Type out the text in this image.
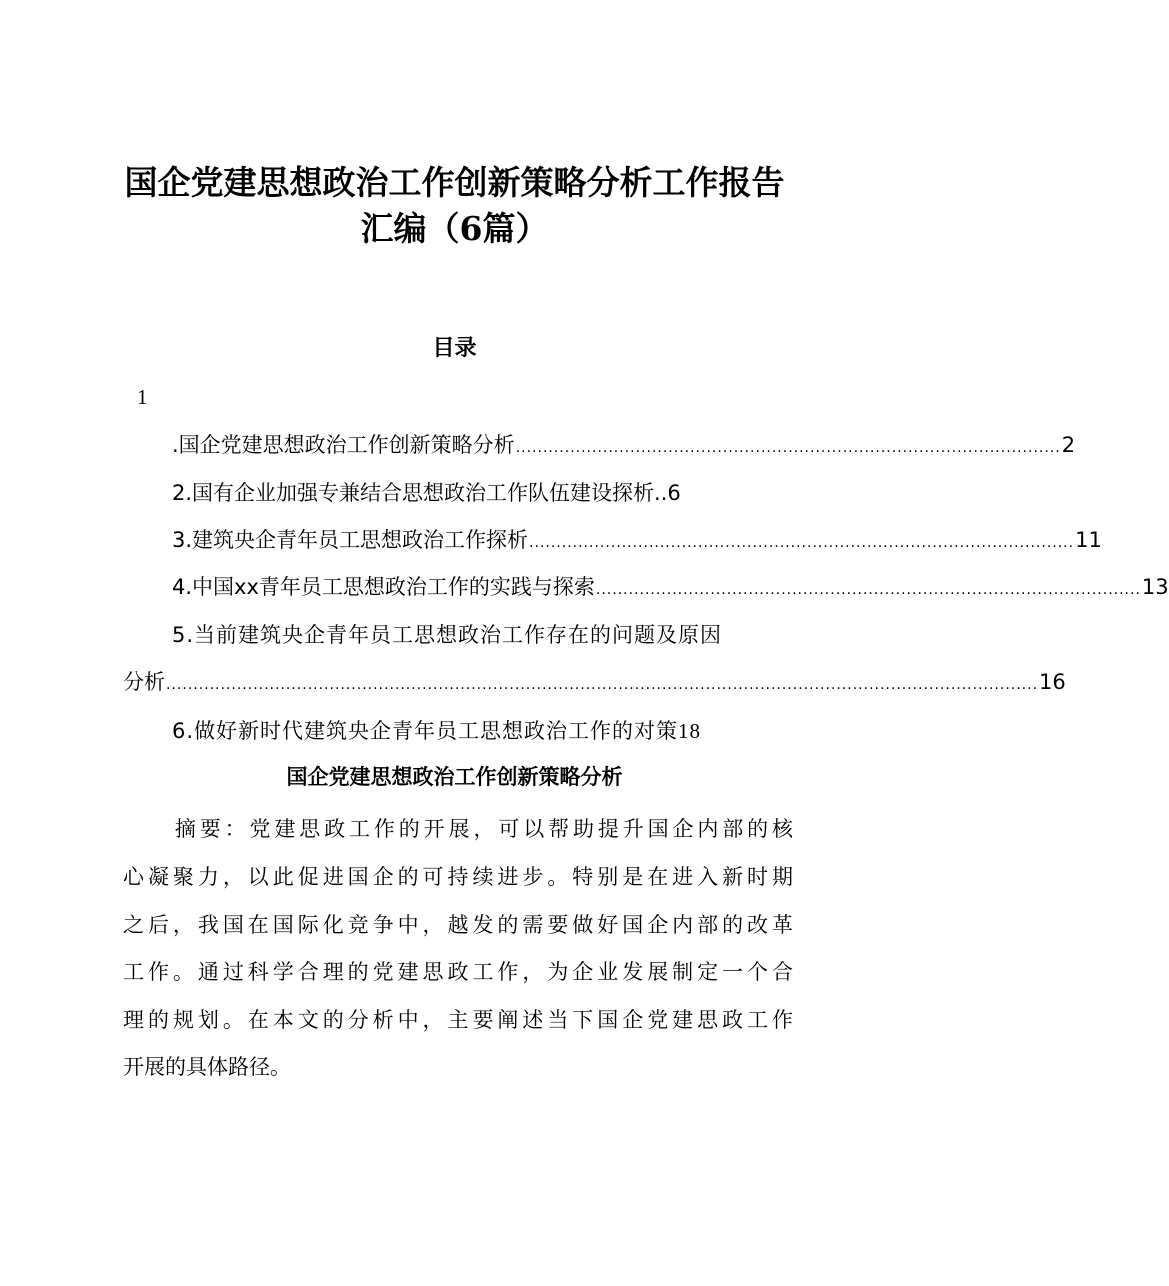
国企党建思想政治工作创新策略分析工作报告
汇编（6篇）
目录
1
.国企党建思想政治工作创新策略分析 .................................................................................................... 2
2.国有企业加强专兼结合思想政治工作队伍建设探析..6
3.建筑央企青年员工思想政治工作探析 .................................................................................................... 11
4.中国xx青年员工思想政治工作的实践与探索 .................................................................................................... 13
5.当前建筑央企青年员工思想政治工作存在的问题及原因
分析 ................................................................................................................................................................ 16
6.做好新时代建筑央企青年员工思想政治工作的对策18
国企党建思想政治工作创新策略分析
摘要：党建思政工作的开展，可以帮助提升国企内部的核
心凝聚力，以此促进国企的可持续进步。特别是在进入新时期
之后，我国在国际化竞争中，越发的需要做好国企内部的改革
工作。通过科学合理的党建思政工作，为企业发展制定一个合
理的规划。在本文的分析中，主要阐述当下国企党建思政工作
开展的具体路径。
